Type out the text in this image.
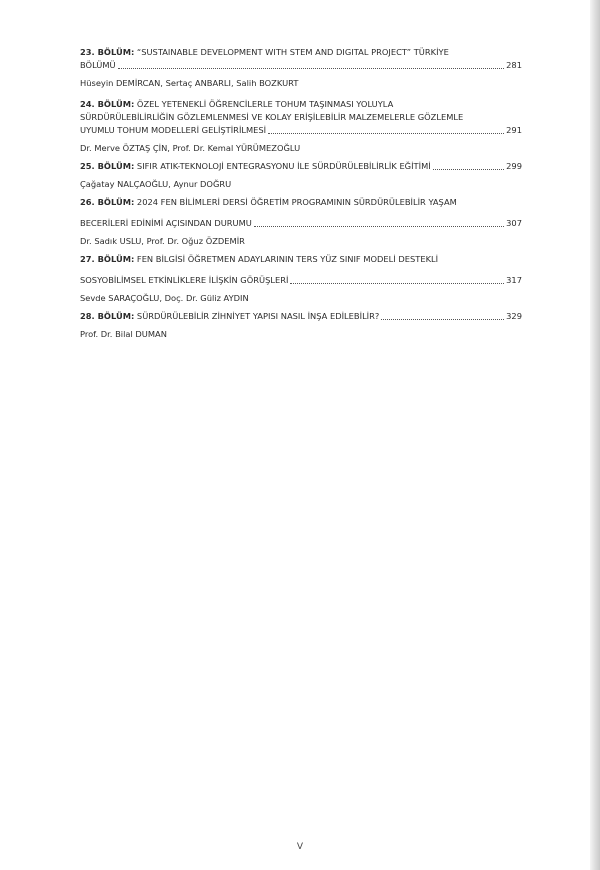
23. BÖLÜM: “SUSTAINABLE DEVELOPMENT WITH STEM AND DIGITAL PROJECT” TÜRKİYE
BÖLÜMÜ	281
Hüseyin DEMİRCAN, Sertaç ANBARLI, Salih BOZKURT
24. BÖLÜM: ÖZEL YETENEKLİ ÖĞRENCİLERLE TOHUM TAŞINMASI YOLUYLA
SÜRDÜRÜLEBİLİRLİĞİN GÖZLEMLENMESİ VE KOLAY ERİŞİLEBİLİR MALZEMELERLE GÖZLEMLE
UYUMLU TOHUM MODELLERİ GELİŞTİRİLMESİ	291
Dr. Merve ÖZTAŞ ÇİN, Prof. Dr. Kemal YÜRÜMEZOĞLU
25. BÖLÜM: SIFIR ATIK-TEKNOLOJİ ENTEGRASYONU İLE SÜRDÜRÜLEBİLİRLİK EĞİTİMİ	299
Çağatay NALÇAOĞLU, Aynur DOĞRU
26. BÖLÜM: 2024 FEN BİLİMLERİ DERSİ ÖĞRETİM PROGRAMININ SÜRDÜRÜLEBİLİR YAŞAM
BECERİLERİ EDİNİMİ AÇISINDAN DURUMU	307
Dr. Sadık USLU, Prof. Dr. Oğuz ÖZDEMİR
27. BÖLÜM: FEN BİLGİSİ ÖĞRETMEN ADAYLARININ TERS YÜZ SINIF MODELİ DESTEKLİ
SOSYOBİLİMSEL ETKİNLİKLERE İLİŞKİN GÖRÜŞLERİ	317
Sevde SARAÇOĞLU, Doç. Dr. Güliz AYDIN
28. BÖLÜM: SÜRDÜRÜLEBİLİR ZİHNİYET YAPISI NASIL İNŞA EDİLEBİLİR?	329
Prof. Dr. Bilal DUMAN
V
